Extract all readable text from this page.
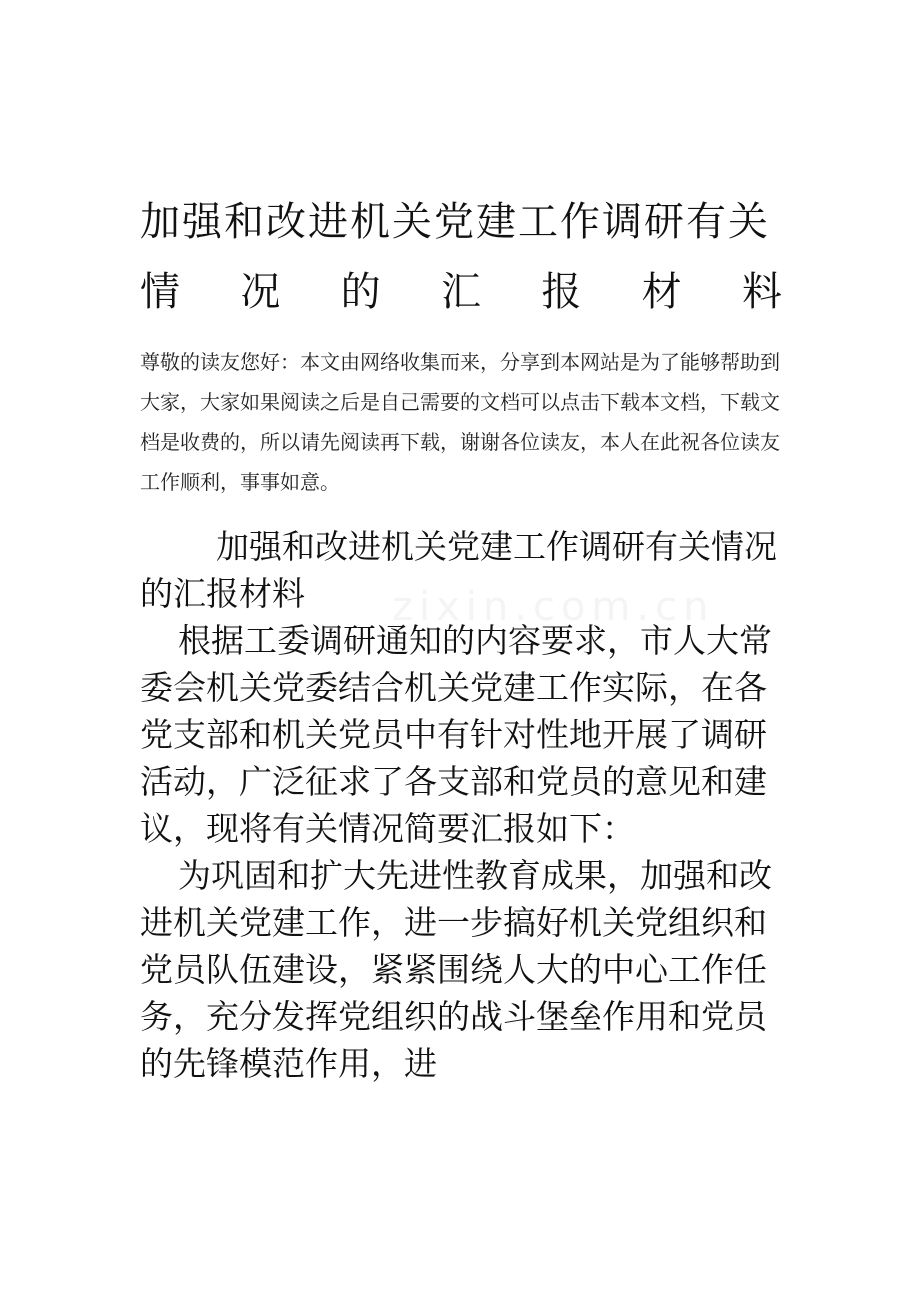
加强和改进机关党建工作调研有关
情况的汇报材料
尊敬的读友您好：本文由网络收集而来，分享到本网站是为了能够帮助到大家，大家如果阅读之后是自己需要的文档可以点击下载本文档，下载文档是收费的，所以请先阅读再下载，谢谢各位读友，本人在此祝各位读友工作顺利，事事如意。
zixin.com.cn

加强和改进机关党建工作调研有关情况的汇报材料

根据工委调研通知的内容要求，市人大常委会机关党委结合机关党建工作实际，在各党支部和机关党员中有针对性地开展了调研活动，广泛征求了各支部和党员的意见和建议，现将有关情况简要汇报如下：

为巩固和扩大先进性教育成果，加强和改进机关党建工作，进一步搞好机关党组织和党员队伍建设，紧紧围绕人大的中心工作任务，充分发挥党组织的战斗堡垒作用和党员的先锋模范作用，进
